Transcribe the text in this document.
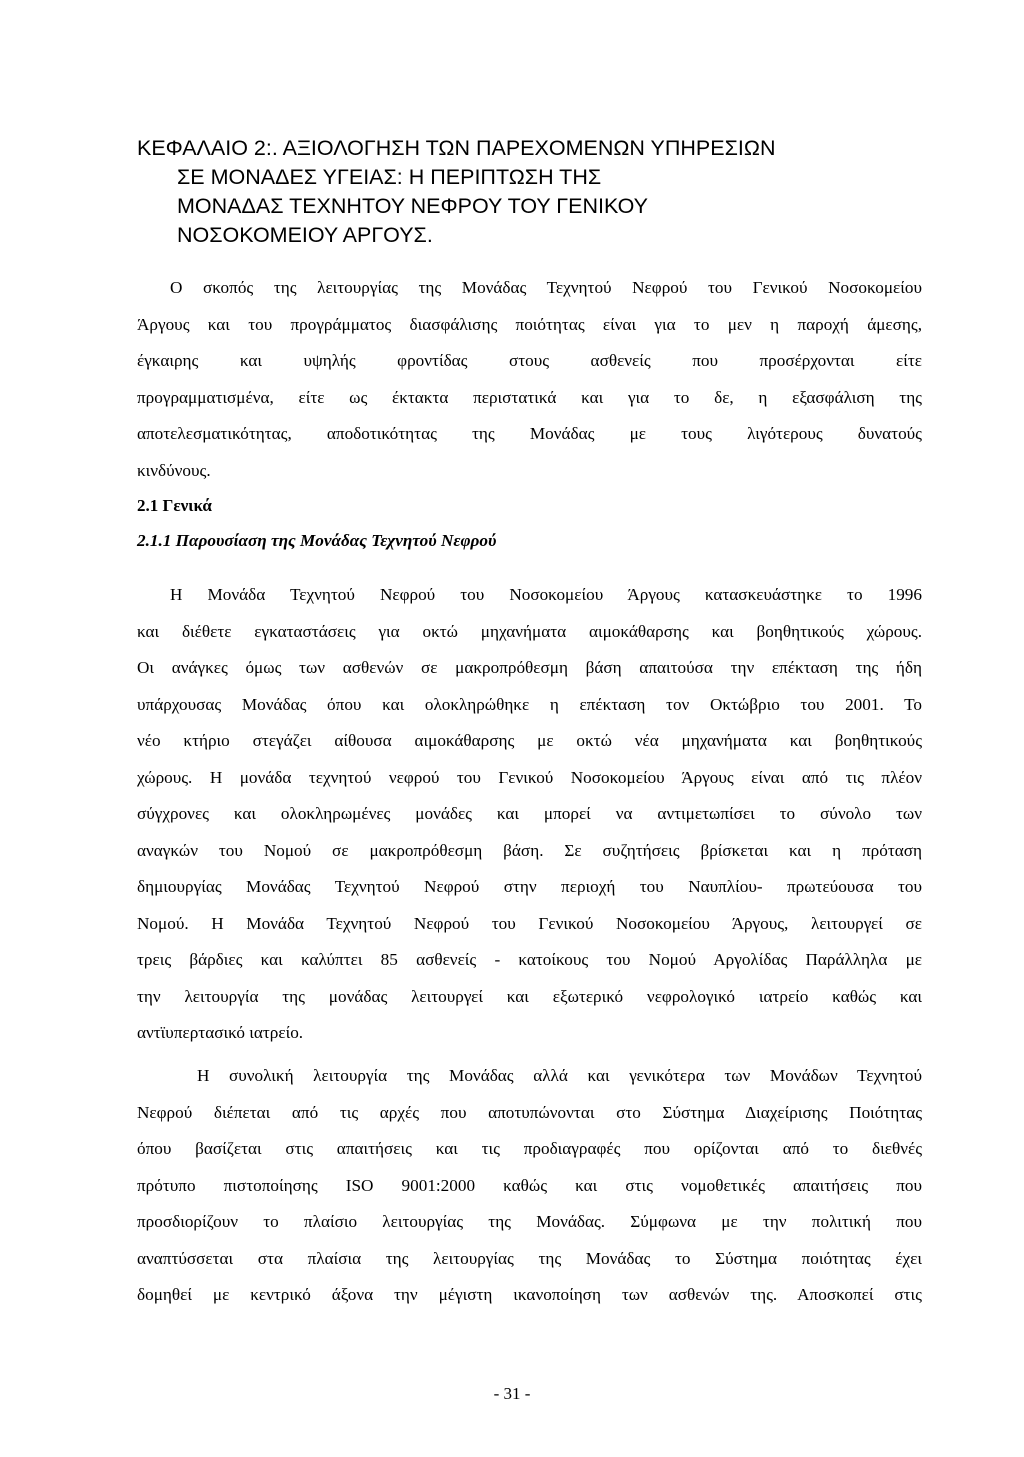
ΚΕΦΑΛΑΙΟ 2:. ΑΞΙΟΛΟΓΗΣΗ ΤΩΝ ΠΑΡΕΧΟΜΕΝΩΝ ΥΠΗΡΕΣΙΩΝ
ΣΕ ΜΟΝΑΔΕΣ ΥΓΕΙΑΣ: Η ΠΕΡΙΠΤΩΣΗ ΤΗΣ
ΜΟΝΑΔΑΣ ΤΕΧΝΗΤΟΥ ΝΕΦΡΟΥ ΤΟΥ ΓΕΝΙΚΟΥ
ΝΟΣΟΚΟΜΕΙΟΥ ΑΡΓΟΥΣ.

Ο σκοπός της λειτουργίας της Μονάδας Τεχνητού Νεφρού του Γενικού Νοσοκομείου
Άργους και του προγράμματος διασφάλισης ποιότητας είναι για το μεν η παροχή άμεσης,
έγκαιρης και υψηλής φροντίδας στους ασθενείς που προσέρχονται είτε
προγραμματισμένα, είτε ως έκτακτα περιστατικά και για το δε, η εξασφάλιση της
αποτελεσματικότητας, αποδοτικότητας της Μονάδας με τους λιγότερους δυνατούς
κινδύνους.

2.1 Γενικά
2.1.1 Παρουσίαση της Μονάδας Τεχνητού Νεφρού

Η Μονάδα Τεχνητού Νεφρού του Νοσοκομείου Άργους κατασκευάστηκε το 1996
και διέθετε εγκαταστάσεις για οκτώ μηχανήματα αιμοκάθαρσης και βοηθητικούς χώρους.
Οι ανάγκες όμως των ασθενών σε μακροπρόθεσμη βάση απαιτούσα την επέκταση της ήδη
υπάρχουσας Μονάδας όπου και ολοκληρώθηκε η επέκταση τον Οκτώβριο του 2001. Το
νέο κτήριο στεγάζει αίθουσα αιμοκάθαρσης με οκτώ νέα μηχανήματα και βοηθητικούς
χώρους. Η μονάδα τεχνητού νεφρού του Γενικού Νοσοκομείου Άργους είναι από τις πλέον
σύγχρονες και ολοκληρωμένες μονάδες και μπορεί να αντιμετωπίσει το σύνολο των
αναγκών του Νομού σε μακροπρόθεσμη βάση. Σε συζητήσεις βρίσκεται και η πρόταση
δημιουργίας Μονάδας Τεχνητού Νεφρού στην περιοχή του Ναυπλίου- πρωτεύουσα του
Νομού. Η Μονάδα Τεχνητού Νεφρού του Γενικού Νοσοκομείου Άργους, λειτουργεί σε
τρεις βάρδιες και καλύπτει 85 ασθενείς - κατοίκους του Νομού Αργολίδας Παράλληλα με
την λειτουργία της μονάδας λειτουργεί και εξωτερικό νεφρολογικό ιατρείο καθώς και
αντϊυπερτασικό ιατρείο.

Η συνολική λειτουργία της Μονάδας αλλά και γενικότερα των Μονάδων Τεχνητού
Νεφρού διέπεται από τις αρχές που αποτυπώνονται στο Σύστημα Διαχείρισης Ποιότητας
όπου βασίζεται στις απαιτήσεις και τις προδιαγραφές που ορίζονται από το διεθνές
πρότυπο πιστοποίησης ISO 9001:2000 καθώς και στις νομοθετικές απαιτήσεις που
προσδιορίζουν το πλαίσιο λειτουργίας της Μονάδας. Σύμφωνα με την πολιτική που
αναπτύσσεται στα πλαίσια της λειτουργίας της Μονάδας το Σύστημα ποιότητας έχει
δομηθεί με κεντρικό άξονα την μέγιστη ικανοποίηση των ασθενών της. Αποσκοπεί στις

- 31 -
